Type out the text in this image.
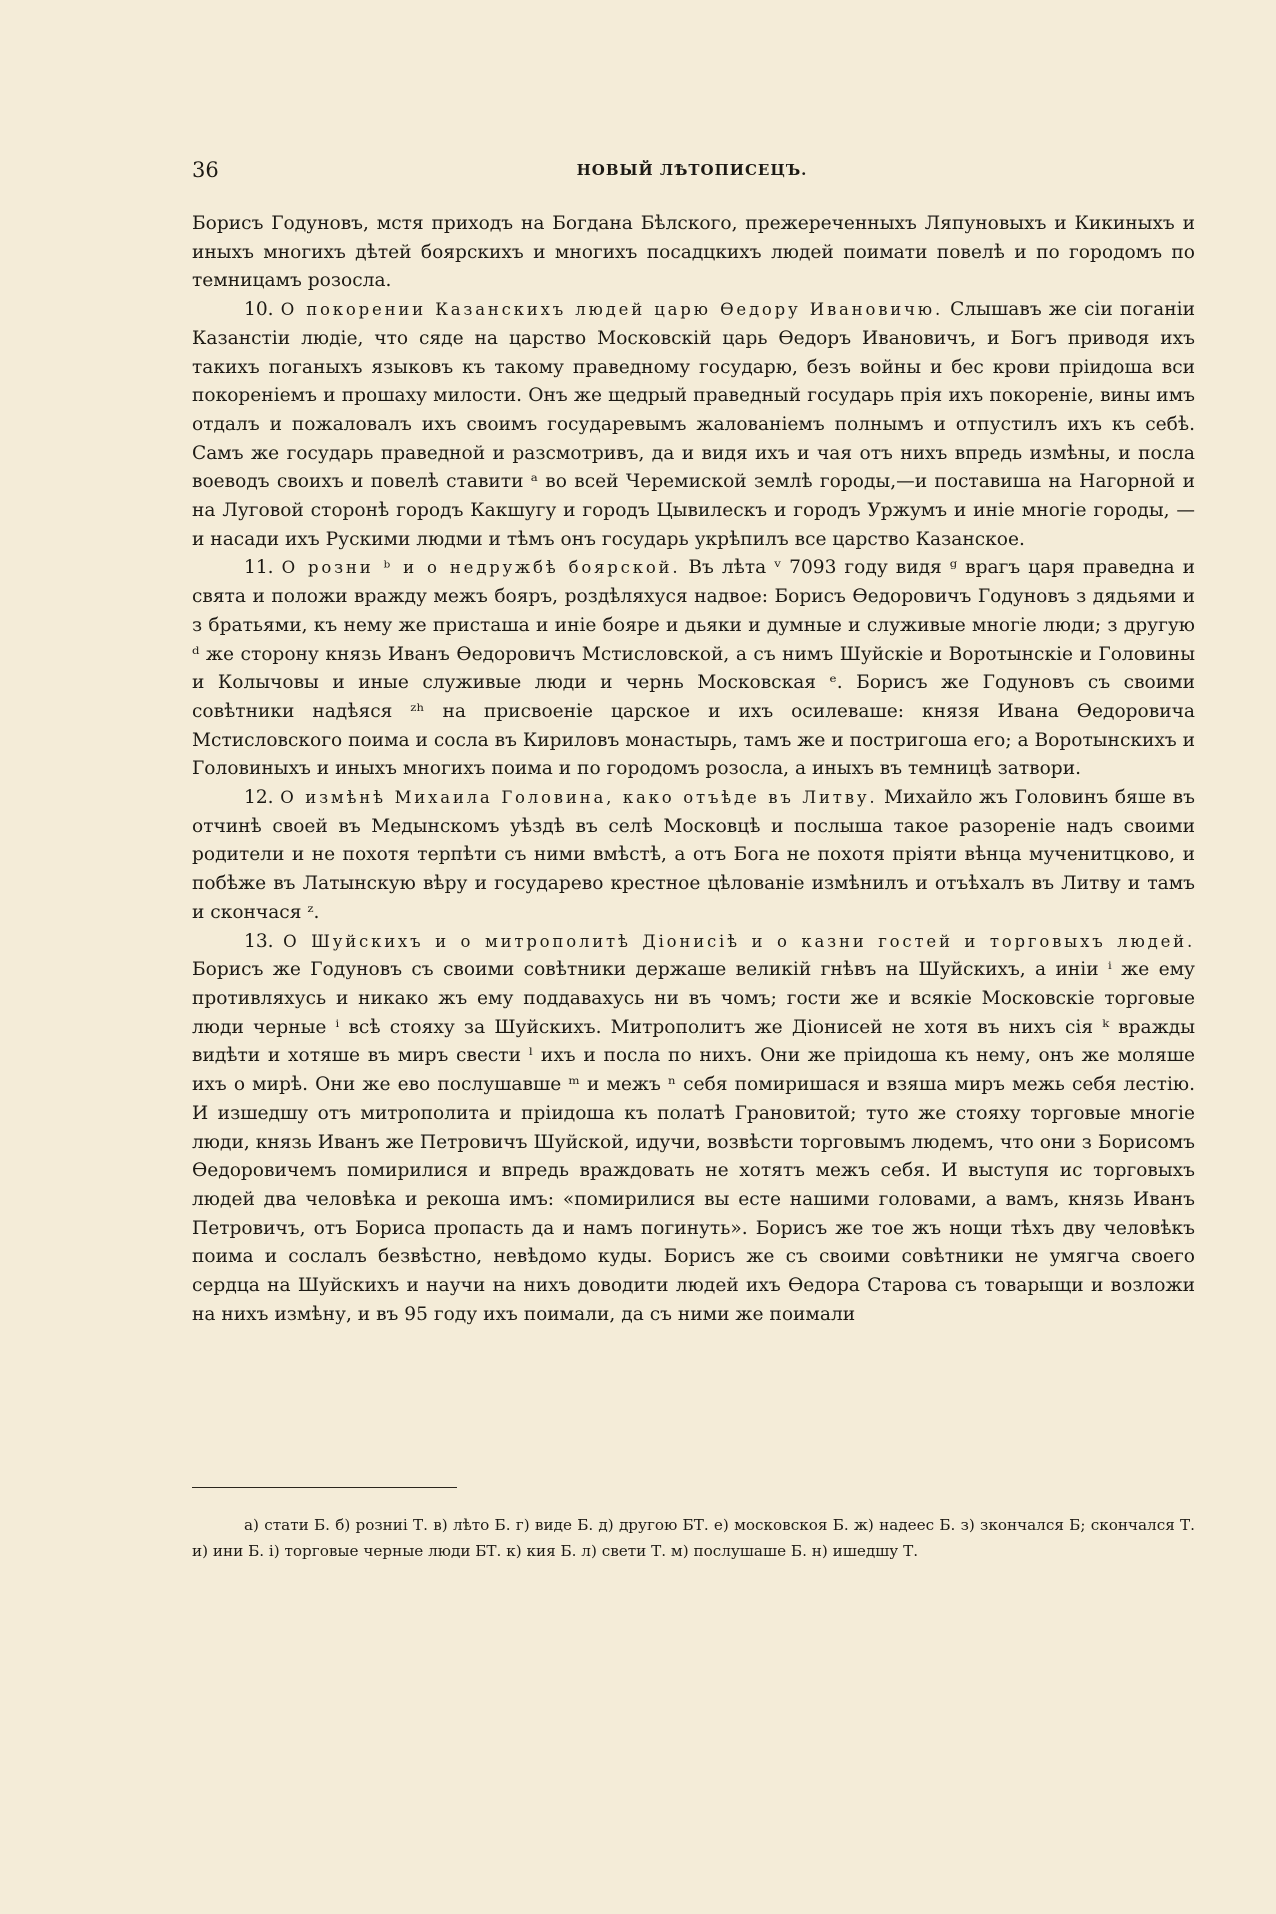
36	НОВЫЙ ЛѢТОПИСЕЦЪ.

Борисъ Годуновъ, мстя приходъ на Богдана Бѣлского, прежереченныхъ Ляпуновыхъ и Кикиныхъ и иныхъ многихъ дѣтей боярскихъ и многихъ посадцкихъ людей поимати повелѣ и по городомъ по темницамъ розосла.

10. О покорении Казанскихъ людей царю Ѳедору Ивановичю. Слышавъ же сіи поганіи Казанстіи людіе, что сяде на царство Московскій царь Ѳедоръ Ивановичъ, и Богъ приводя ихъ такихъ поганыхъ языковъ къ такому праведному государю, безъ войны и бес крови пріидоша вси покореніемъ и прошаху милости. Онъ же щедрый праведный государь прія ихъ покореніе, вины имъ отдалъ и пожаловалъ ихъ своимъ государевымъ жалованіемъ полнымъ и отпустилъ ихъ къ себѣ. Самъ же государь праведной и разсмотривъ, да и видя ихъ и чая отъ нихъ впредь измѣны, и посла воеводъ своихъ и повелѣ ставити ᵃ во всей Черемиской землѣ городы,—и поставиша на Нагорной и на Луговой сторонѣ городъ Какшугу и городъ Цывилескъ и городъ Уржумъ и иніе многіе городы, — и насади ихъ Рускими людми и тѣмъ онъ государь укрѣпилъ все царство Казанское.

11. О розни ᵇ и о недружбѣ боярской. Въ лѣта ᵛ 7093 году видя ᵍ врагъ царя праведна и свята и положи вражду межъ бояръ, роздѣляхуся надвое: Борисъ Ѳедоровичъ Годуновъ з дядьями и з братьями, къ нему же присташа и иніе бояре и дьяки и думные и служивые многіе люди; з другую ᵈ же сторону князь Иванъ Ѳедоровичъ Мстисловской, а съ нимъ Шуйскіе и Воротынскіе и Головины и Колычовы и иные служивые люди и чернь Московская ᵉ. Борисъ же Годуновъ съ своими совѣтники надѣяся ᶻʰ на присвоеніе царское и ихъ осилеваше: князя Ивана Ѳедоровича Мстисловского поима и сосла въ Кириловъ монастырь, тамъ же и постригоша его; а Воротынскихъ и Головиныхъ и иныхъ многихъ поима и по городомъ розосла, а иныхъ въ темницѣ затвори.

12. О измѣнѣ Михаила Головина, како отъѣде въ Литву. Михайло жъ Головинъ бяше въ отчинѣ своей въ Медынскомъ уѣздѣ въ селѣ Московцѣ и послыша такое разореніе надъ своими родители и не похотя терпѣти съ ними вмѣстѣ, а отъ Бога не похотя пріяти вѣнца мученитцково, и побѣже въ Латынскую вѣру и государево крестное цѣлованіе измѣнилъ и отъѣхалъ въ Литву и тамъ и скончася ᶻ.

13. О Шуйскихъ и о митрополитѣ Діонисіѣ и о казни гостей и торговыхъ людей. Борисъ же Годуновъ съ своими совѣтники держаше великій гнѣвъ на Шуйскихъ, а иніи ⁱ же ему противляхусь и никако жъ ему поддавахусь ни въ чомъ; гости же и всякіе Московскіе торговые люди черные ⁱ всѣ стояху за Шуйскихъ. Митрополитъ же Діонисей не хотя въ нихъ сія ᵏ вражды видѣти и хотяше въ миръ свести ˡ ихъ и посла по нихъ. Они же пріидоша къ нему, онъ же моляше ихъ о мирѣ. Они же ево послушавше ᵐ и межъ ⁿ себя помиришася и взяша миръ межь себя лестію. И изшедшу отъ митрополита и пріидоша къ полатѣ Грановитой; туто же стояху торговые многіе люди, князь Иванъ же Петровичъ Шуйской, идучи, возвѣсти торговымъ людемъ, что они з Борисомъ Ѳедоровичемъ помирилися и впредь враждовать не хотятъ межъ себя. И выступя ис торговыхъ людей два человѣка и рекоша имъ: «помирилися вы есте нашими головами, а вамъ, князь Иванъ Петровичъ, отъ Бориса пропасть да и намъ погинуть». Борисъ же тое жъ нощи тѣхъ дву человѣкъ поима и сослалъ безвѣстно, невѣдомо куды. Борисъ же съ своими совѣтники не умягча своего сердца на Шуйскихъ и научи на нихъ доводити людей ихъ Ѳедора Старова съ товарыщи и возложи на нихъ измѣну, и въ 95 году ихъ поимали, да съ ними же поимали

а) стати Б. б) розниі Т. в) лѣто Б. г) виде Б. д) другою БТ. е) московскоя Б. ж) надеес Б. з) зкончался Б; скончался Т. и) ини Б. і) торговые черные люди БТ. к) кия Б. л) свети Т. м) послушаше Б. н) ишедшу Т.
